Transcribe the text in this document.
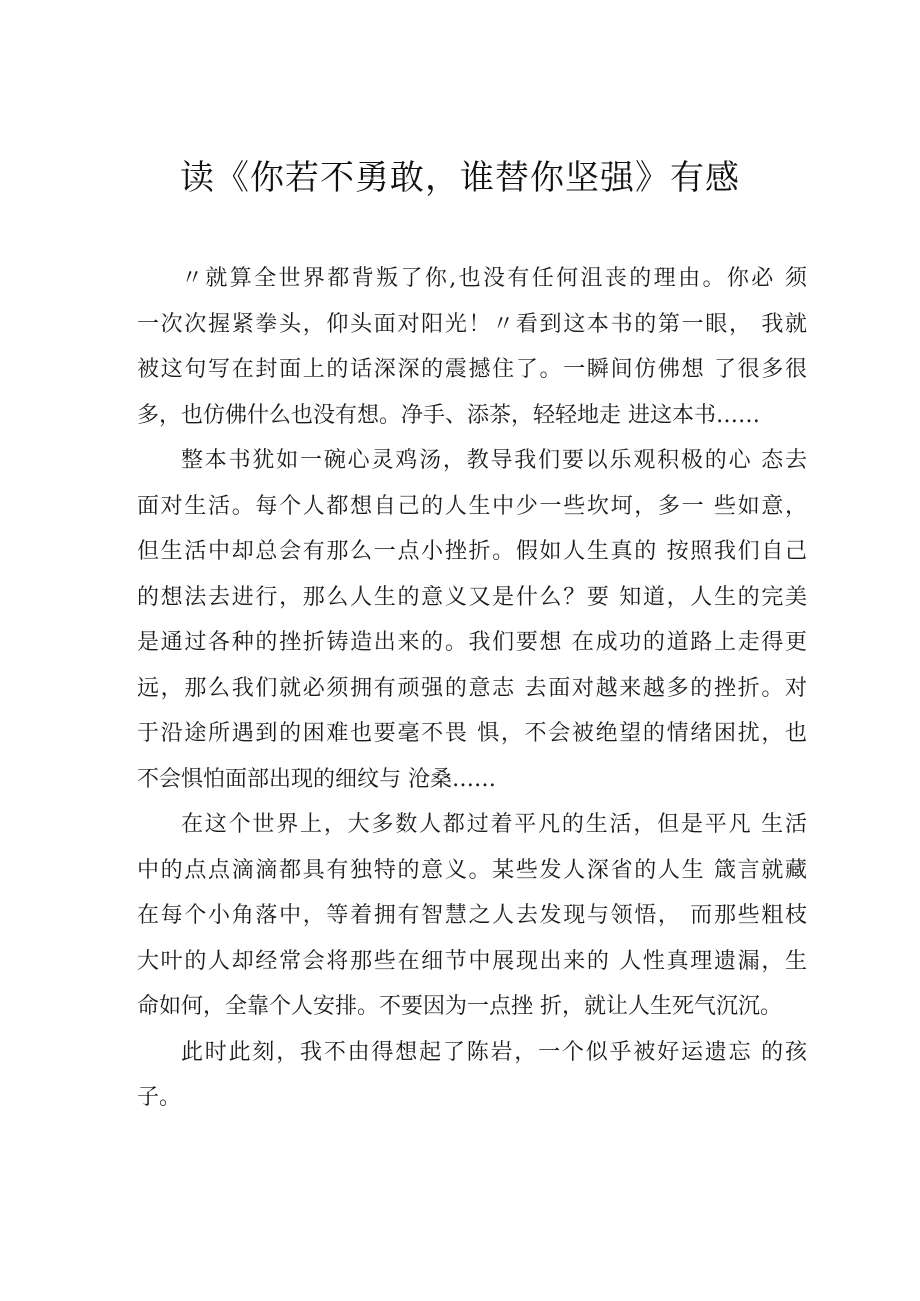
读《你若不勇敢，谁替你坚强》有感

〃就算全世界都背叛了你,也没有任何沮丧的理由。你必 须
一次次握紧拳头，仰头面对阳光！〃看到这本书的第一眼， 我就
被这句写在封面上的话深深的震撼住了。一瞬间仿佛想 了很多很
多，也仿佛什么也没有想。净手、添茶，轻轻地走 进这本书……

整本书犹如一碗心灵鸡汤，教导我们要以乐观积极的心 态去
面对生活。每个人都想自己的人生中少一些坎坷，多一 些如意，
但生活中却总会有那么一点小挫折。假如人生真的 按照我们自己
的想法去进行，那么人生的意义又是什么？要 知道，人生的完美
是通过各种的挫折铸造出来的。我们要想 在成功的道路上走得更
远，那么我们就必须拥有顽强的意志 去面对越来越多的挫折。对
于沿途所遇到的困难也要毫不畏 惧，不会被绝望的情绪困扰，也
不会惧怕面部出现的细纹与 沧桑……

在这个世界上，大多数人都过着平凡的生活，但是平凡 生活
中的点点滴滴都具有独特的意义。某些发人深省的人生 箴言就藏
在每个小角落中，等着拥有智慧之人去发现与领悟， 而那些粗枝
大叶的人却经常会将那些在细节中展现出来的 人性真理遗漏，生
命如何，全靠个人安排。不要因为一点挫 折，就让人生死气沉沉。

此时此刻，我不由得想起了陈岩，一个似乎被好运遗忘 的孩
子。
